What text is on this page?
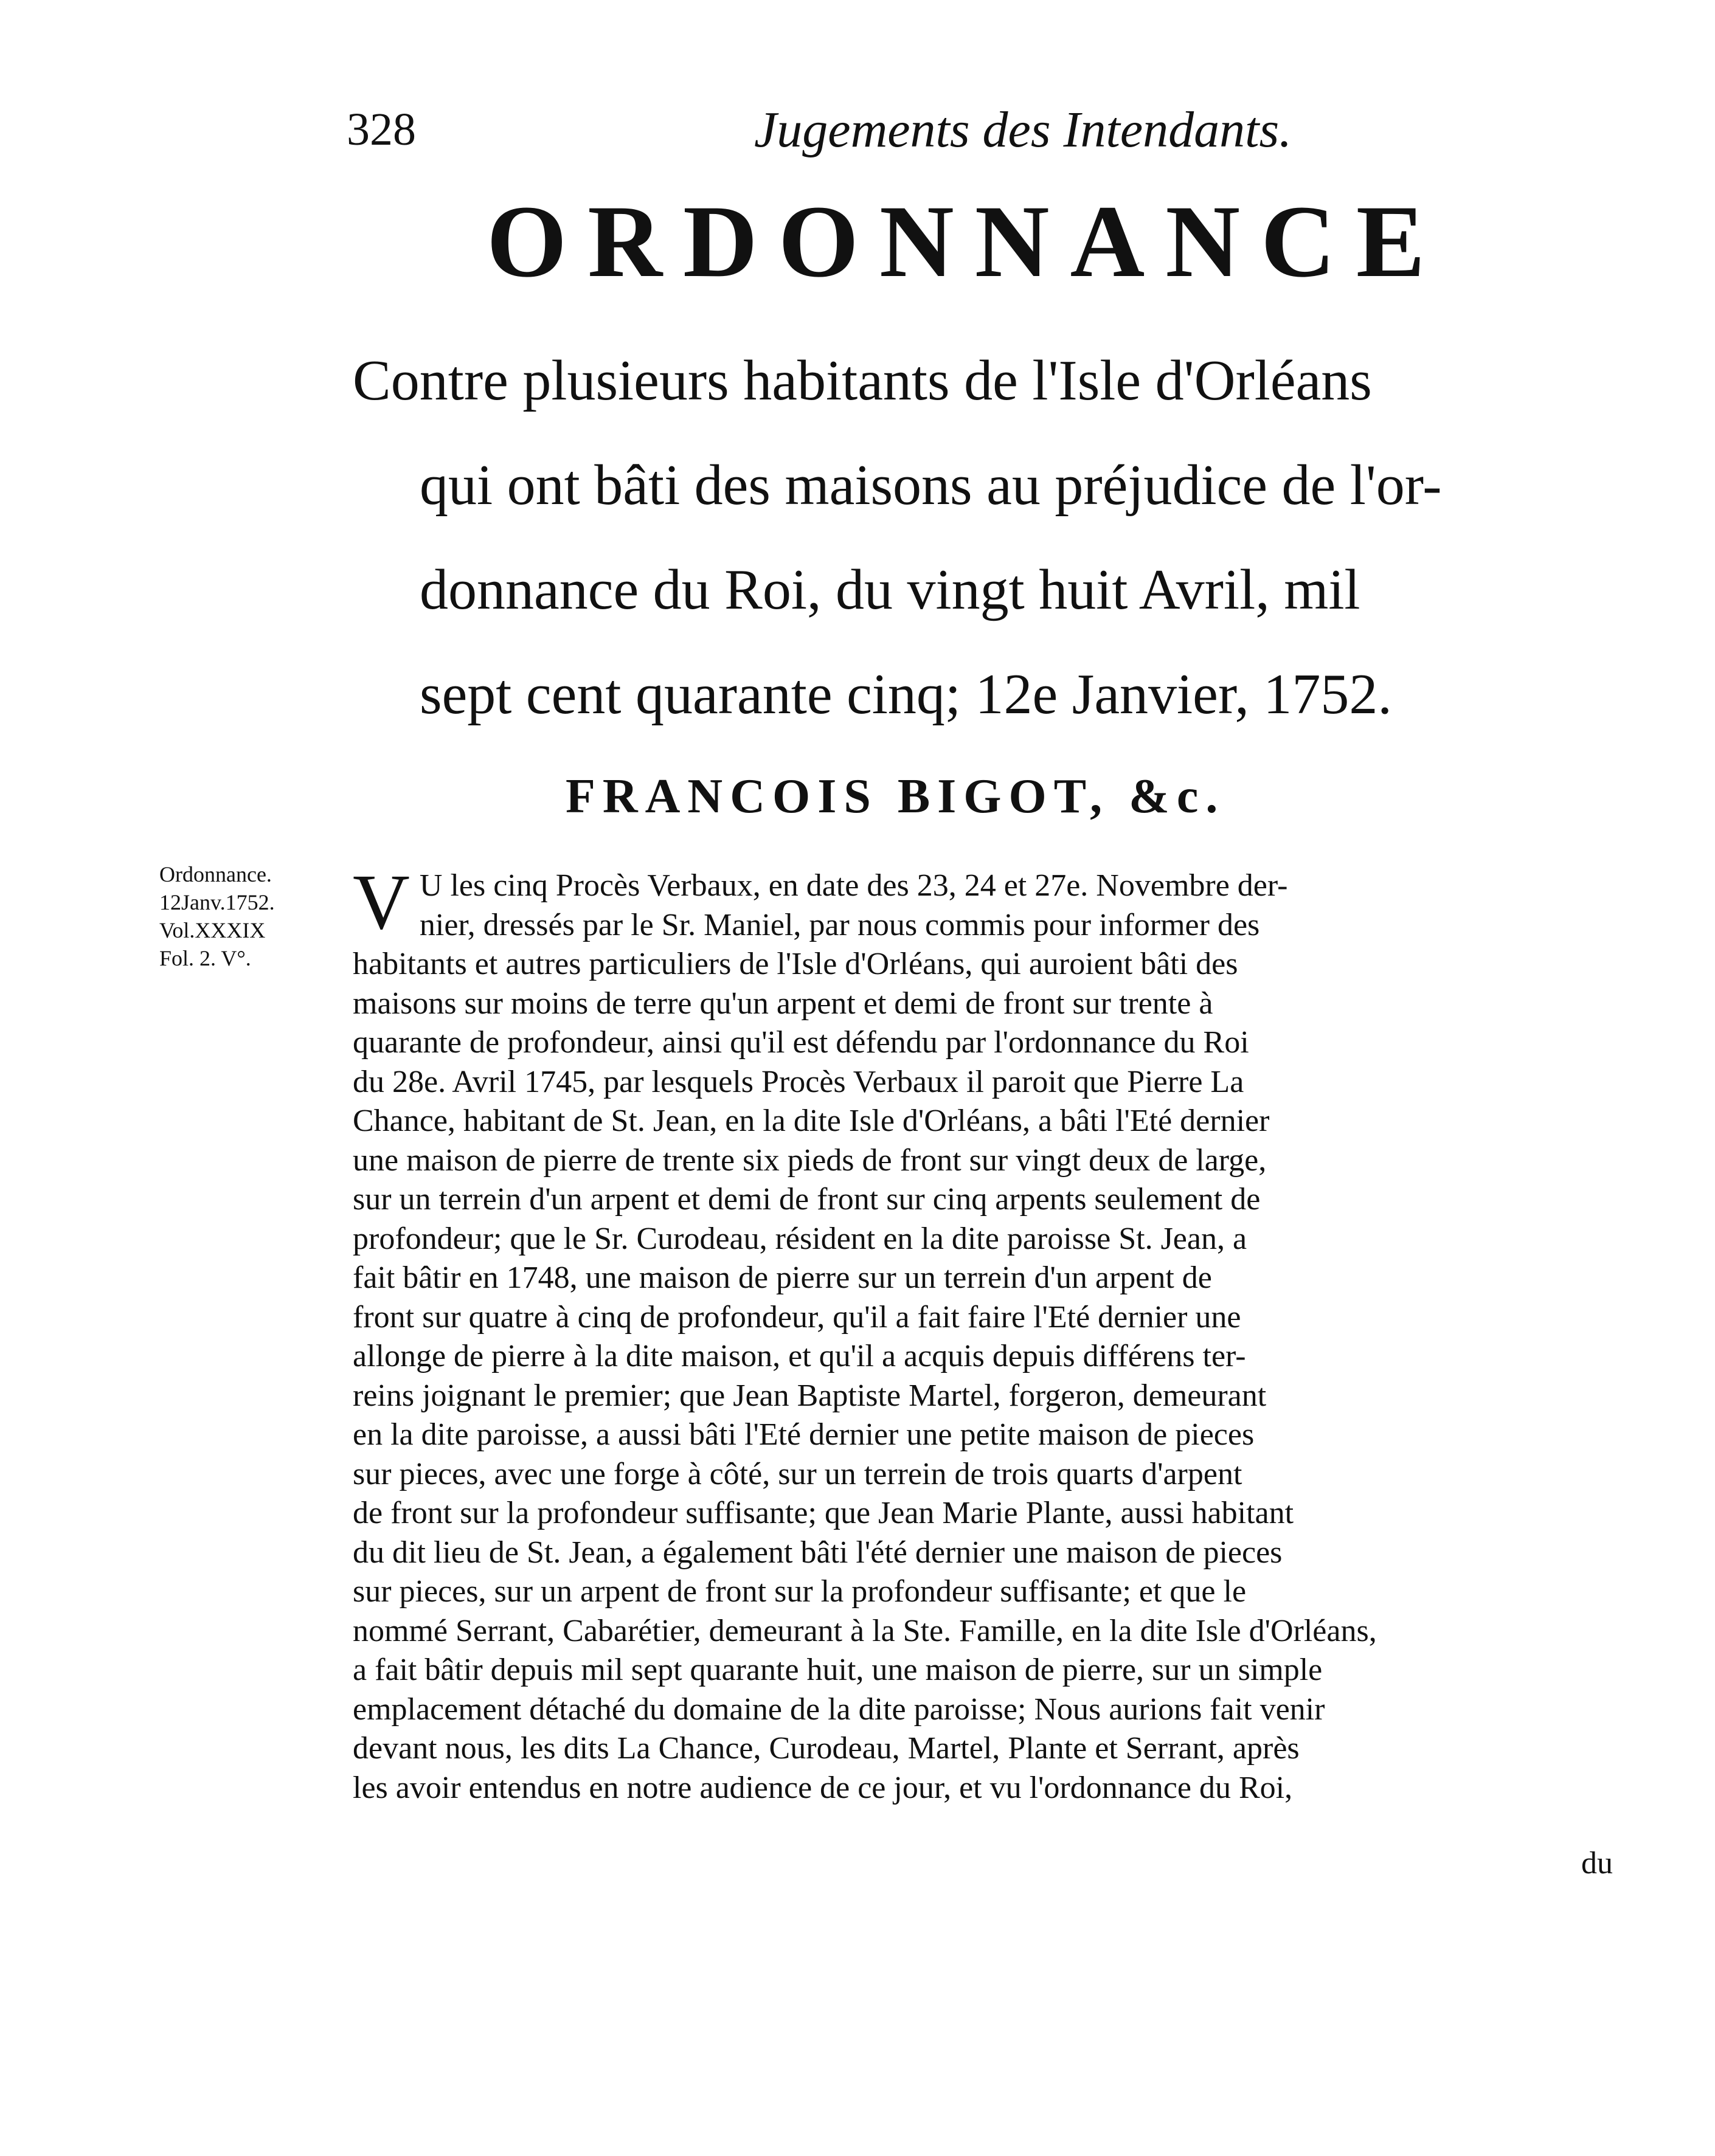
328	Jugements des Intendants.
ORDONNANCE
Contre plusieurs habitants de l'Isle d'Orléans
qui ont bâti des maisons au préjudice de l'or-
donnance du Roi, du vingt huit Avril, mil
sept cent quarante cinq; 12e Janvier, 1752.
FRANCOIS BIGOT, &c.
Ordonnance.
12Janv.1752.
Vol.XXXIX
Fol. 2. V°.
V U les cinq Procès Verbaux, en date des 23, 24 et 27e. Novembre der-
nier, dressés par le Sr. Maniel, par nous commis pour informer des
habitants et autres particuliers de l'Isle d'Orléans, qui auroient bâti des
maisons sur moins de terre qu'un arpent et demi de front sur trente à
quarante de profondeur, ainsi qu'il est défendu par l'ordonnance du Roi
du 28e. Avril 1745, par lesquels Procès Verbaux il paroit que Pierre La
Chance, habitant de St. Jean, en la dite Isle d'Orléans, a bâti l'Eté dernier
une maison de pierre de trente six pieds de front sur vingt deux de large,
sur un terrein d'un arpent et demi de front sur cinq arpents seulement de
profondeur; que le Sr. Curodeau, résident en la dite paroisse St. Jean, a
fait bâtir en 1748, une maison de pierre sur un terrein d'un arpent de
front sur quatre à cinq de profondeur, qu'il a fait faire l'Eté dernier une
allonge de pierre à la dite maison, et qu'il a acquis depuis différens ter-
reins joignant le premier; que Jean Baptiste Martel, forgeron, demeurant
en la dite paroisse, a aussi bâti l'Eté dernier une petite maison de pieces
sur pieces, avec une forge à côté, sur un terrein de trois quarts d'arpent
de front sur la profondeur suffisante; que Jean Marie Plante, aussi habitant
du dit lieu de St. Jean, a également bâti l'été dernier une maison de pieces
sur pieces, sur un arpent de front sur la profondeur suffisante; et que le
nommé Serrant, Cabarétier, demeurant à la Ste. Famille, en la dite Isle d'Orléans,
a fait bâtir depuis mil sept quarante huit, une maison de pierre, sur un simple
emplacement détaché du domaine de la dite paroisse; Nous aurions fait venir
devant nous, les dits La Chance, Curodeau, Martel, Plante et Serrant, après
les avoir entendus en notre audience de ce jour, et vu l'ordonnance du Roi,
du
